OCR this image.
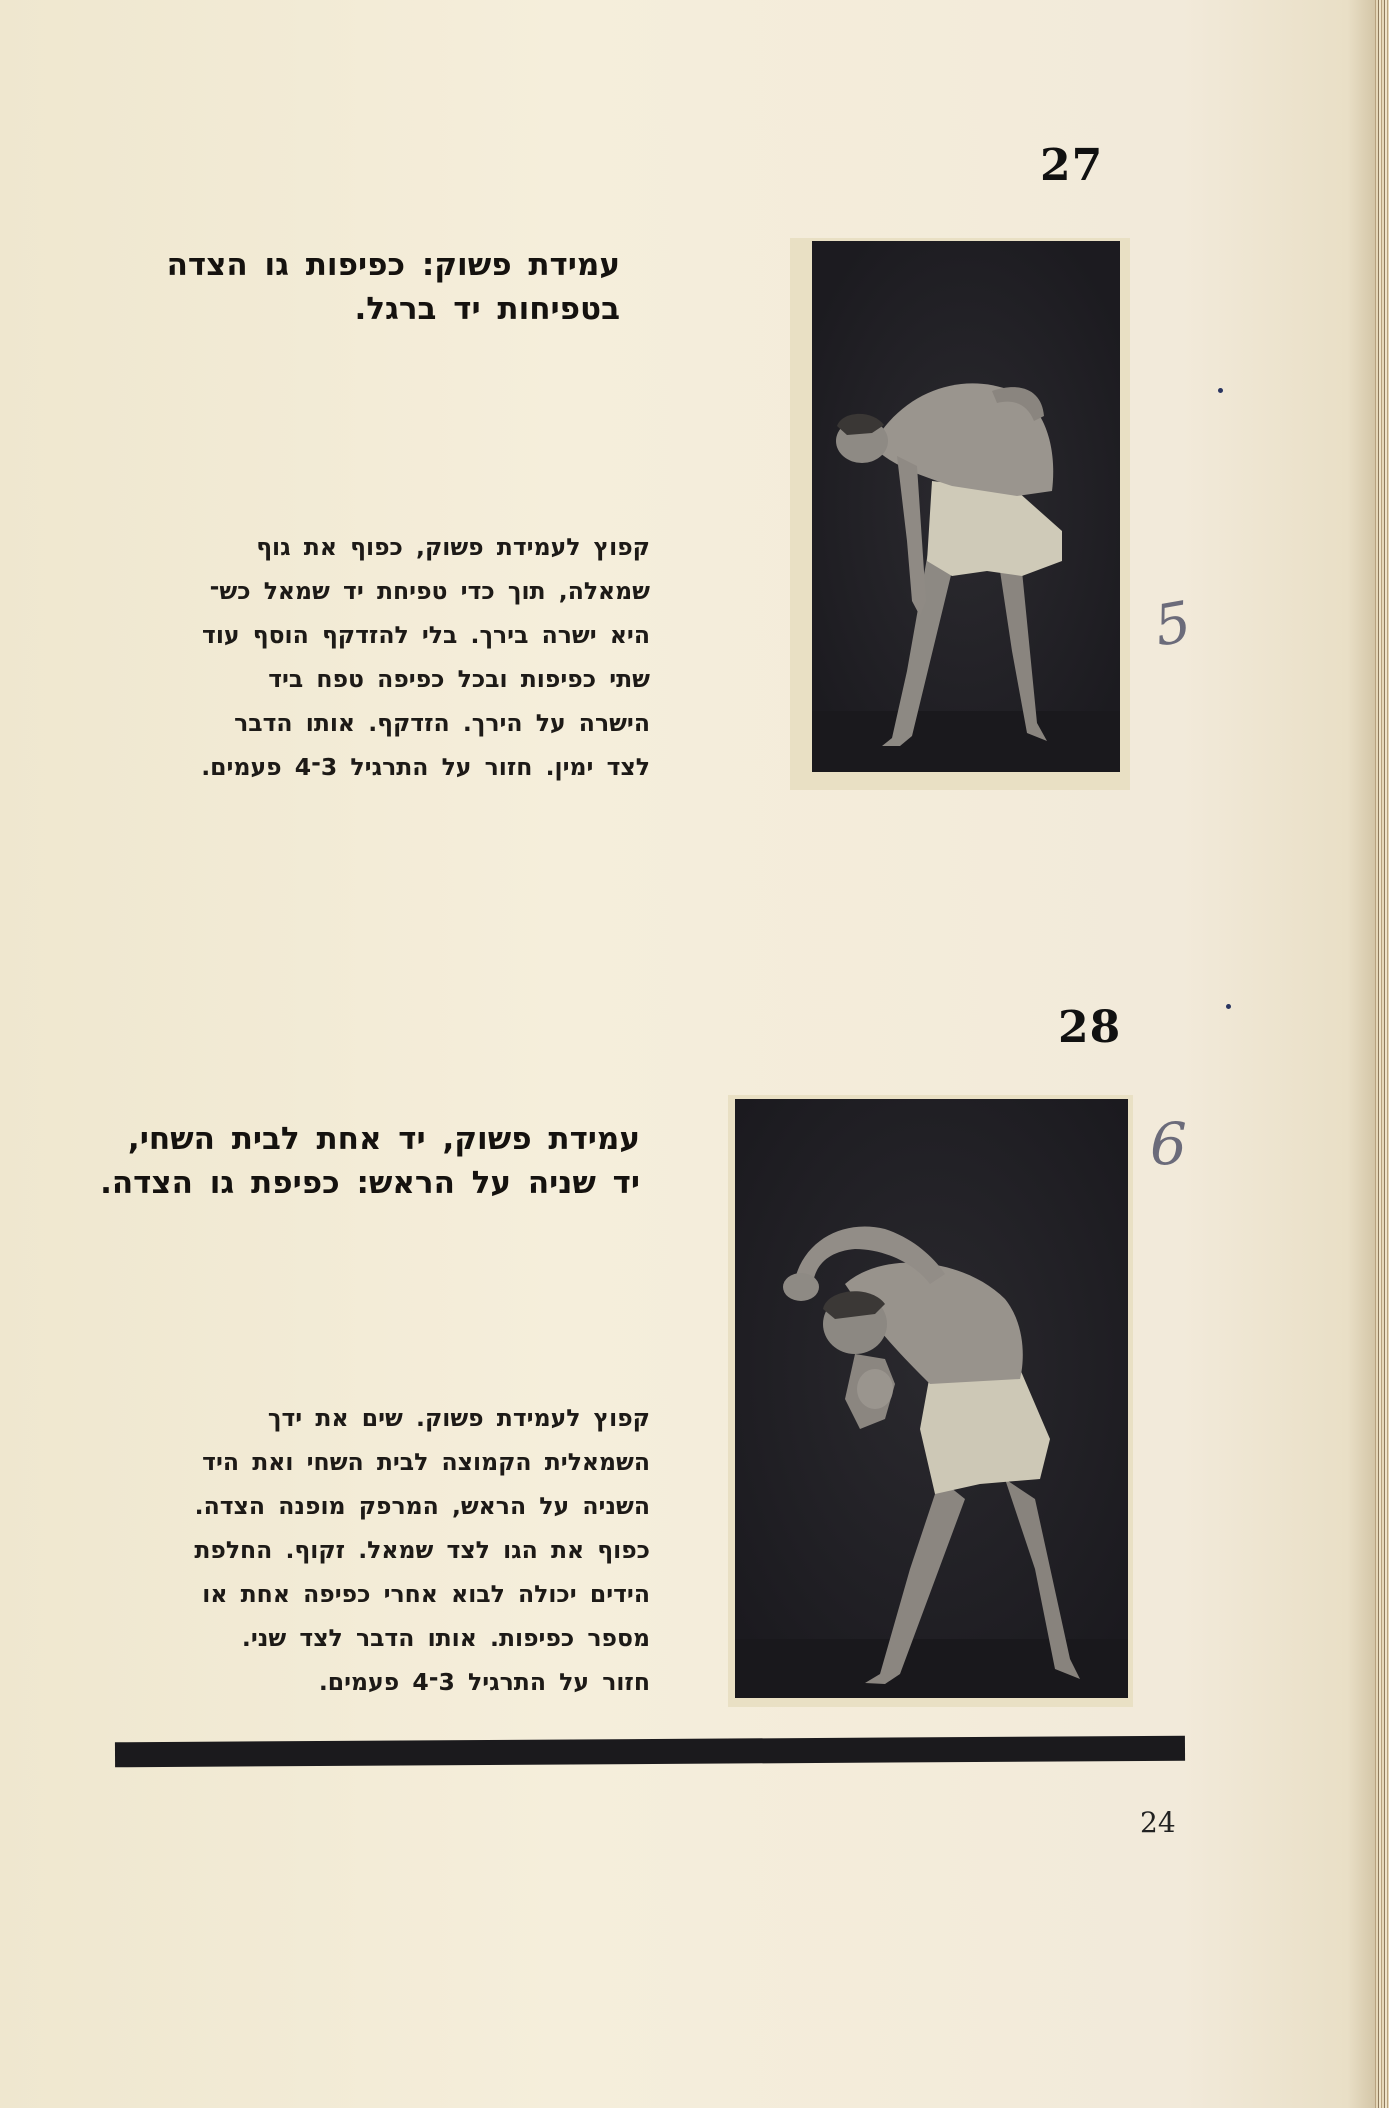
27
עמידת פשוק: כפיפות גו הצדה
בטפיחות יד ברגל.
קפוץ לעמידת פשוק, כפוף את גוף
שמאלה, תוך כדי טפיחת יד שמאל כש־
היא ישרה בירך. בלי להזדקף הוסף עוד
שתי כפיפות ובכל כפיפה טפח ביד
הישרה על הירך. הזדקף. אותו הדבר
לצד ימין. חזור על התרגיל 3־4 פעמים.
5
28
עמידת פשוק, יד אחת לבית השחי,
יד שניה על הראש: כפיפת גו הצדה.
קפוץ לעמידת פשוק. שים את ידך
השמאלית הקמוצה לבית השחי ואת היד
השניה על הראש, המרפק מופנה הצדה.
כפוף את הגו לצד שמאל. זקוף. החלפת
הידים יכולה לבוא אחרי כפיפה אחת או
מספר כפיפות. אותו הדבר לצד שני.
חזור על התרגיל 3־4 פעמים.
6
24
